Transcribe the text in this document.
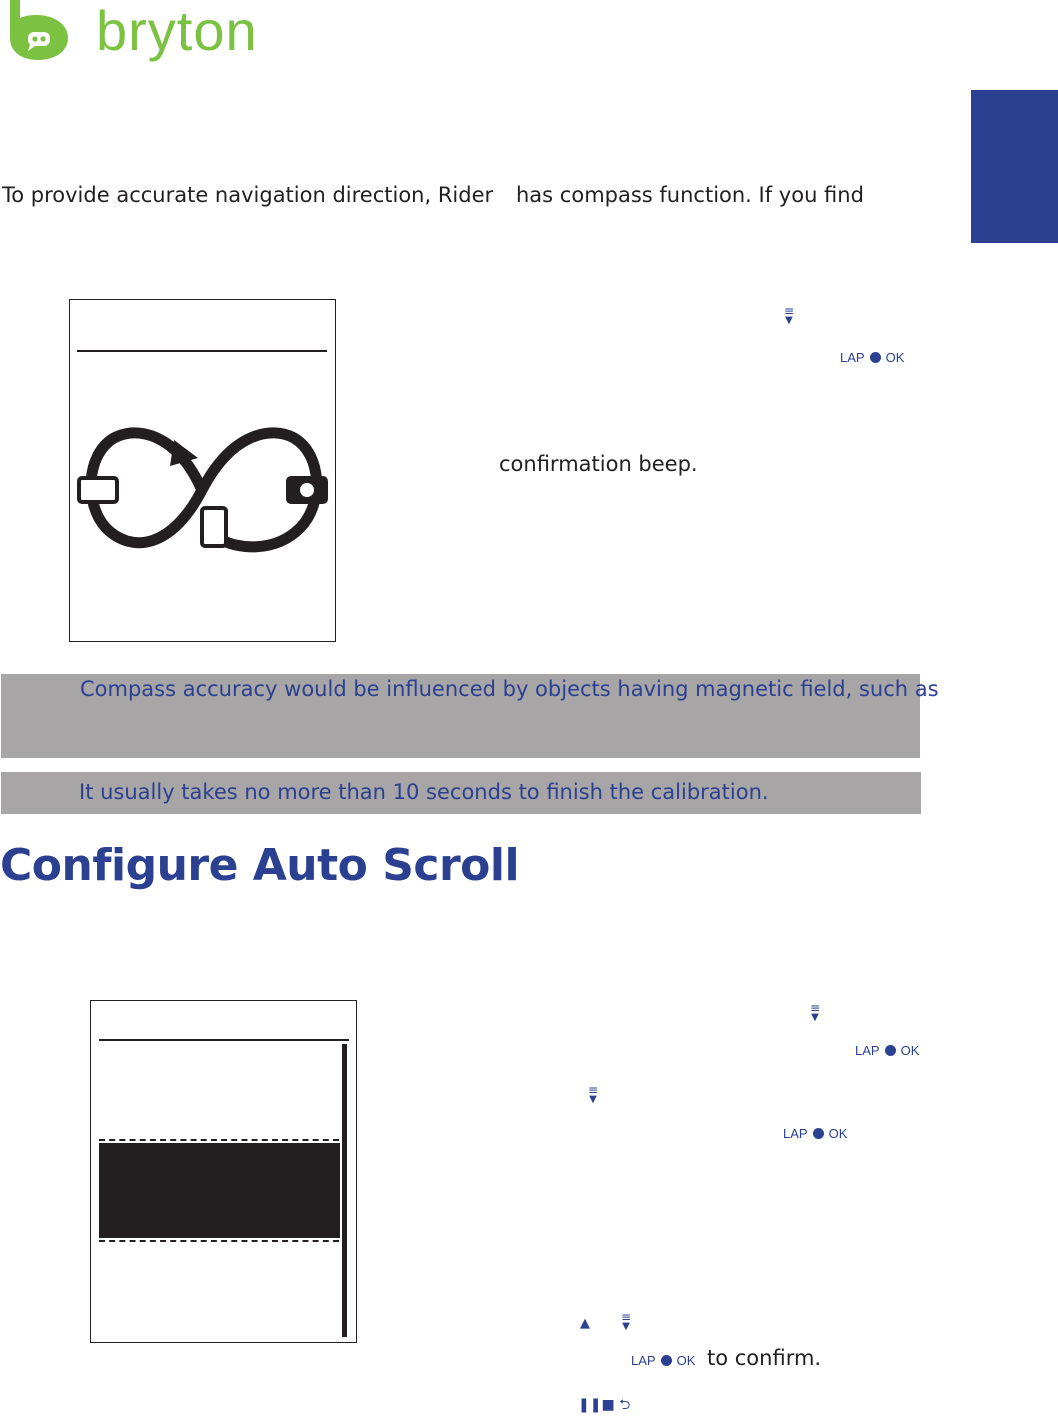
bryton
To provide accurate navigation direction, Rider has compass function. If you find
≡
▼
LAP OK
confirmation beep.
Compass accuracy would be influenced by objects having magnetic field, such as
It usually takes no more than 10 seconds to finish the calibration.
Configure Auto Scroll
≡
▼
LAP OK
≡
▼
LAP OK
▲	≡
▼
LAP OK to confirm.
❚❚■ ⮌
